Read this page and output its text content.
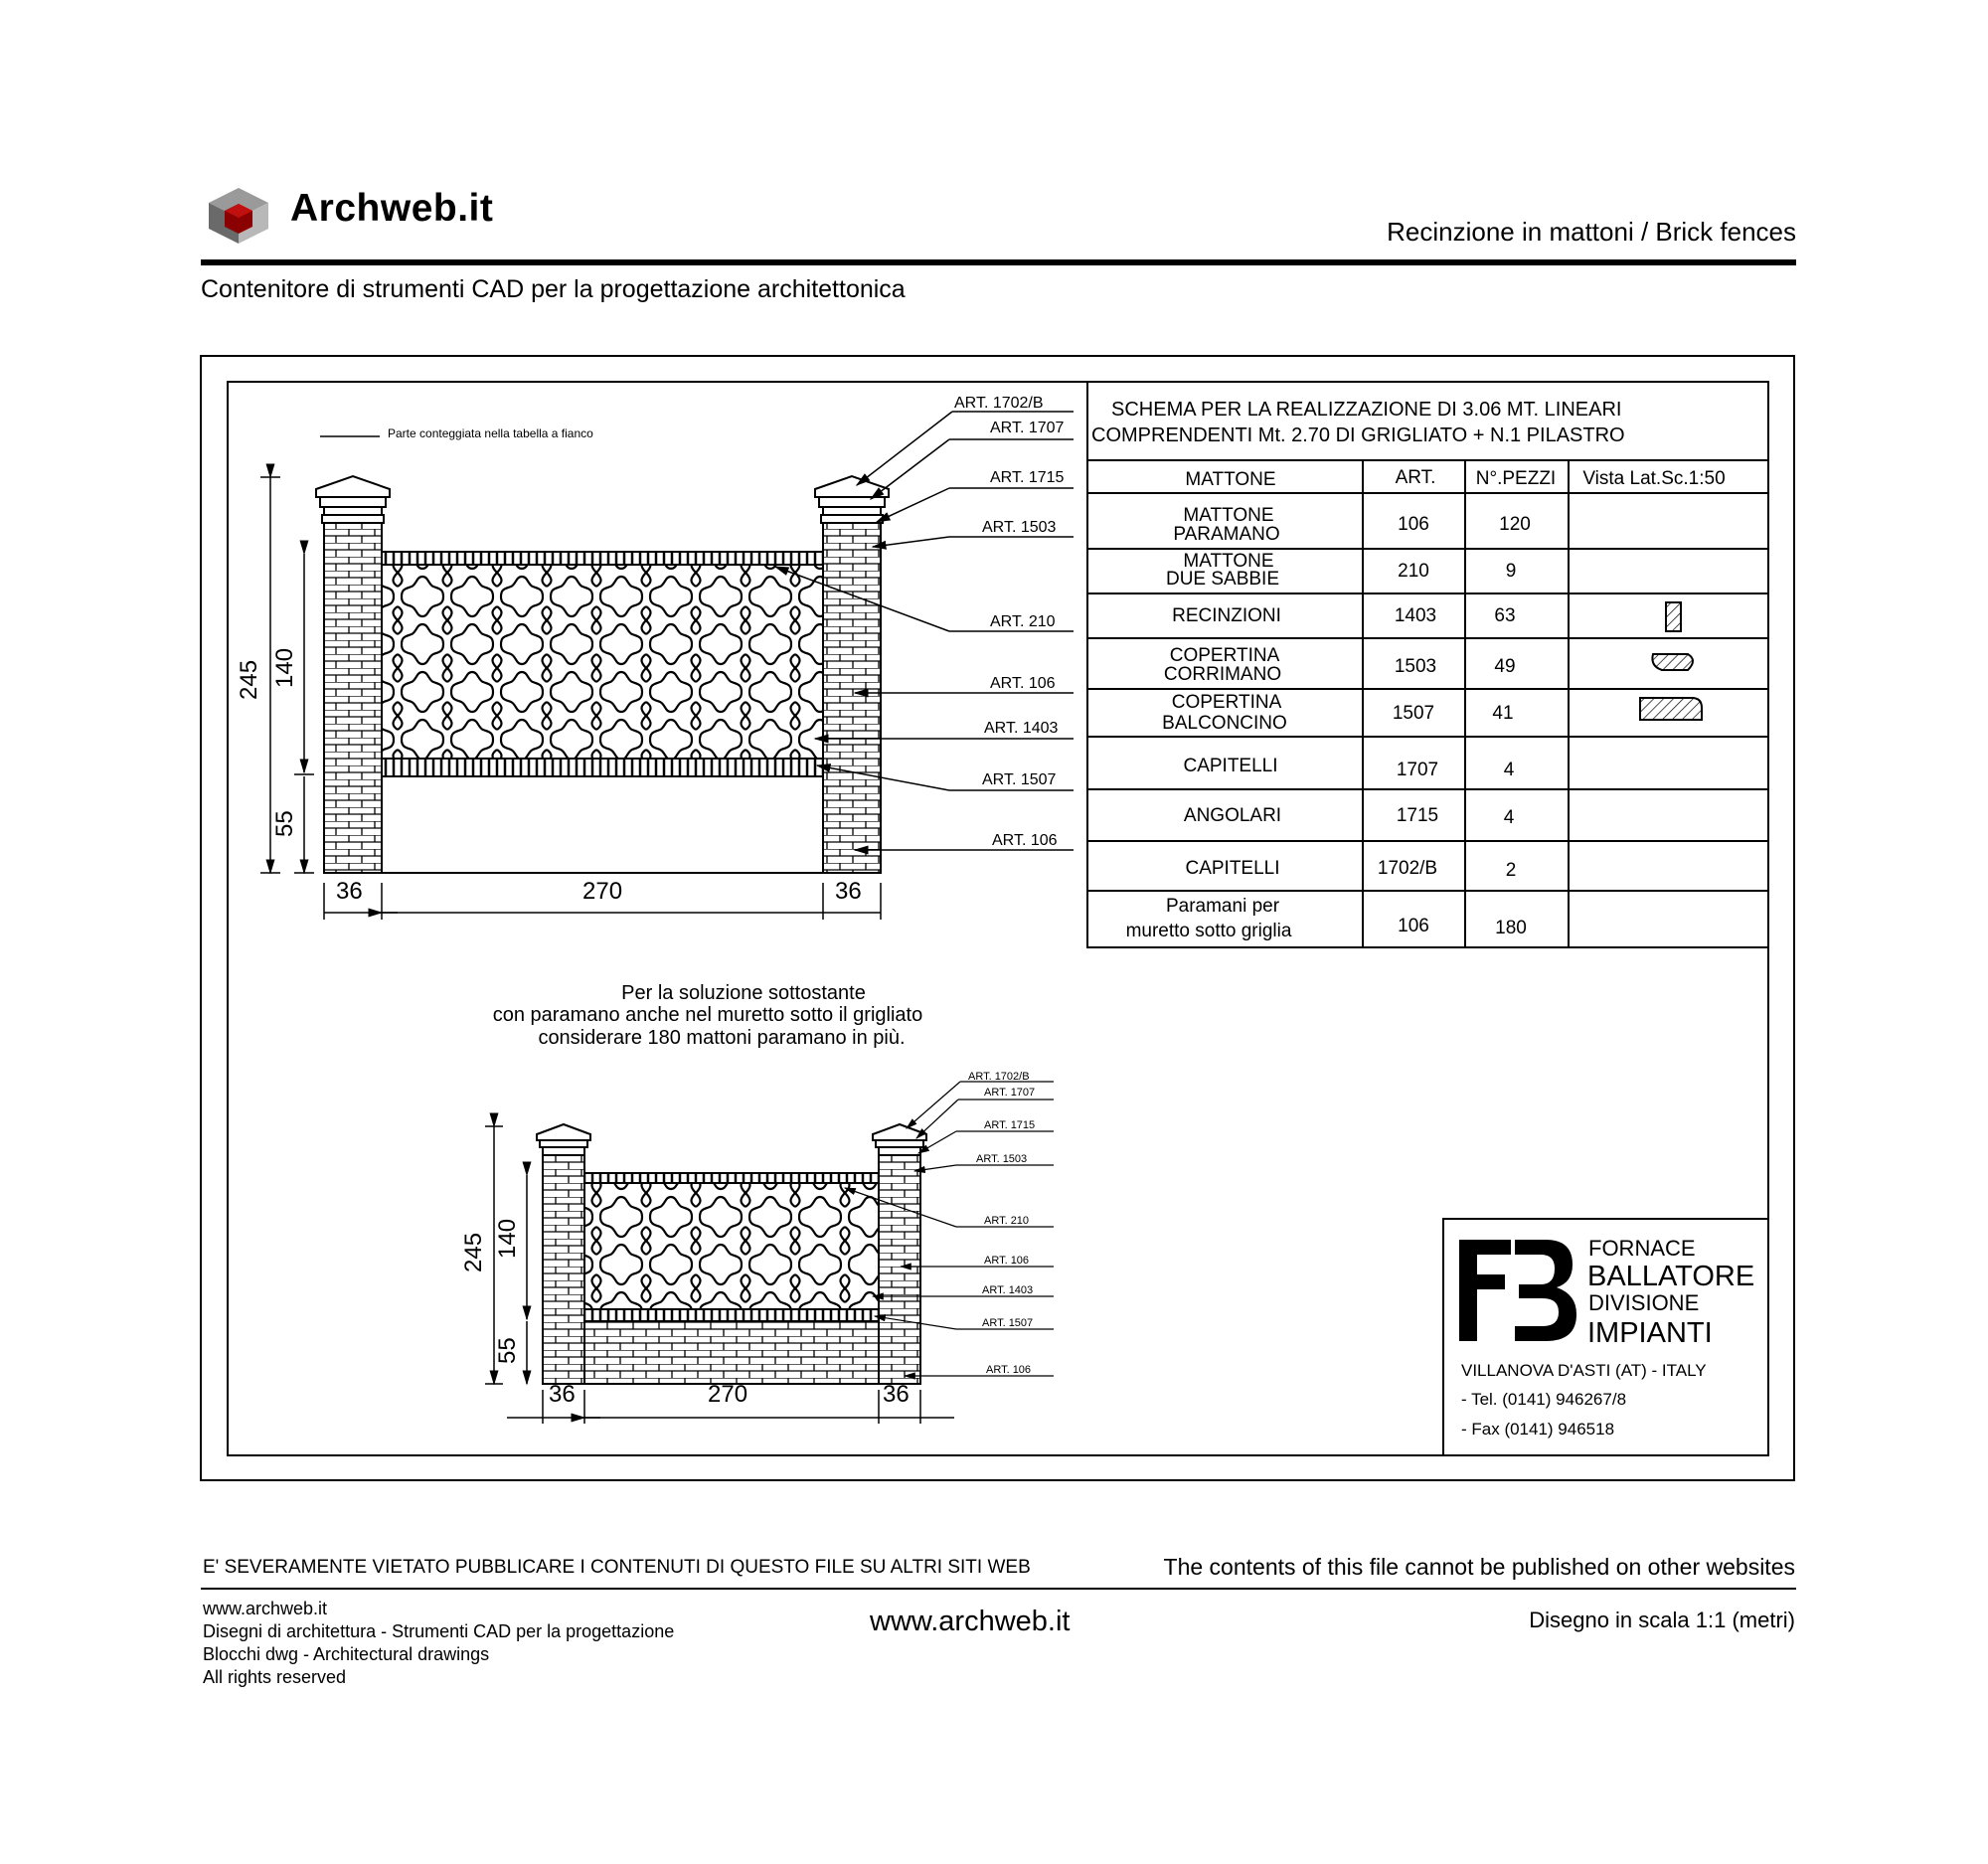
Archweb.it
Recinzione in mattoni / Brick fences
Contenitore di strumenti CAD per la progettazione architettonica
Parte conteggiata nella tabella a fianco
ART. 1702/B
ART. 1707
ART. 1715
ART. 1503
ART. 210
ART. 106
ART. 1403
ART. 1507
ART. 106
245 140
55
36	270	36
Per la soluzione sottostante
con paramano anche nel muretto sotto il grigliato
considerare 180 mattoni paramano in più.
ART. 1702/B
ART. 1707
ART. 1715
ART. 1503
ART. 210
ART. 106
ART. 1403
ART. 1507
ART. 106
245 140
55
36	270	36
SCHEMA PER LA REALIZZAZIONE DI 3.06 MT. LINEARI
COMPRENDENTI Mt. 2.70 DI GRIGLIATO + N.1 PILASTRO
MATTONE	ART. N°.PEZZI Vista Lat.Sc.1:50
MATTONE
PARAMANO	106	120
MATTONE
DUE SABBIE	210	9
RECINZIONI	1403	63
COPERTINA
CORRIMANO	1503	49
COPERTINA
BALCONCINO	1507	41
CAPITELLI	1707	4
ANGOLARI	1715	4
CAPITELLI	1702/B	2
Paramani per
muretto sotto griglia	106	180
FORNACE
BALLATORE
DIVISIONE
IMPIANTI
VILLANOVA D'ASTI (AT) - ITALY
- Tel. (0141) 946267/8
- Fax (0141) 946518
E' SEVERAMENTE VIETATO PUBBLICARE I CONTENUTI DI QUESTO FILE SU ALTRI SITI WEB	The contents of this file cannot be published on other websites
www.archweb.it
Disegni di architettura - Strumenti CAD per la progettazione
Blocchi dwg - Architectural drawings
All rights reserved
www.archweb.it	Disegno in scala 1:1 (metri)
